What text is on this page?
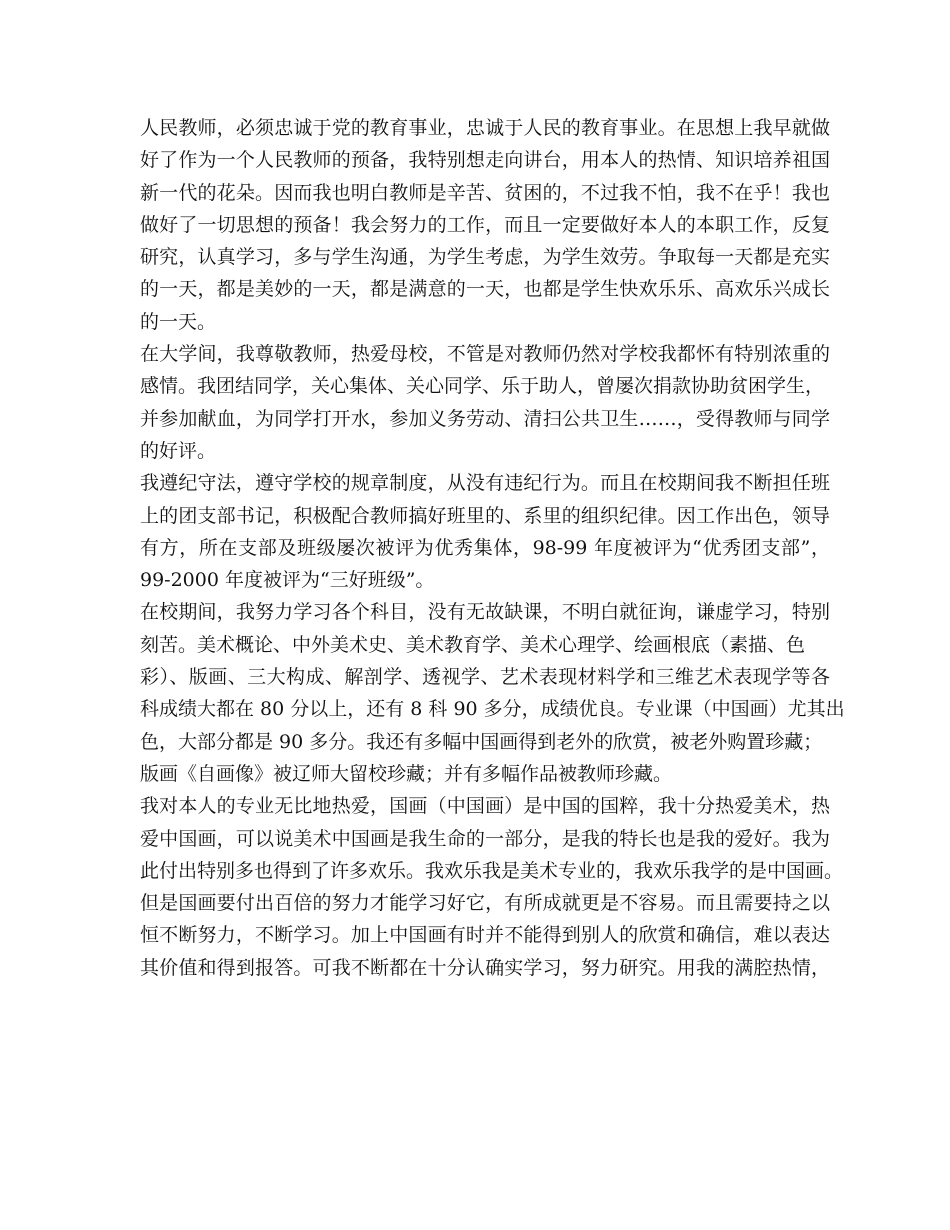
人民教师，必须忠诚于党的教育事业，忠诚于人民的教育事业。在思想上我早就做
好了作为一个人民教师的预备，我特别想走向讲台，用本人的热情、知识培养祖国
新一代的花朵。因而我也明白教师是辛苦、贫困的，不过我不怕，我不在乎！我也
做好了一切思想的预备！我会努力的工作，而且一定要做好本人的本职工作，反复
研究，认真学习，多与学生沟通，为学生考虑，为学生效劳。争取每一天都是充实
的一天，都是美妙的一天，都是满意的一天，也都是学生快欢乐乐、高欢乐兴成长
的一天。
在大学间，我尊敬教师，热爱母校，不管是对教师仍然对学校我都怀有特别浓重的
感情。我团结同学，关心集体、关心同学、乐于助人，曾屡次捐款协助贫困学生，
并参加献血，为同学打开水，参加义务劳动、清扫公共卫生……，受得教师与同学
的好评。
我遵纪守法，遵守学校的规章制度，从没有违纪行为。而且在校期间我不断担任班
上的团支部书记，积极配合教师搞好班里的、系里的组织纪律。因工作出色，领导
有方，所在支部及班级屡次被评为优秀集体，98-99 年度被评为“优秀团支部”，
99-2000 年度被评为“三好班级”。
在校期间，我努力学习各个科目，没有无故缺课，不明白就征询，谦虚学习，特别
刻苦。美术概论、中外美术史、美术教育学、美术心理学、绘画根底（素描、色
彩）、版画、三大构成、解剖学、透视学、艺术表现材料学和三维艺术表现学等各
科成绩大都在 80 分以上，还有 8 科 90 多分，成绩优良。专业课（中国画）尤其出
色，大部分都是 90 多分。我还有多幅中国画得到老外的欣赏，被老外购置珍藏；
版画《自画像》被辽师大留校珍藏；并有多幅作品被教师珍藏。
我对本人的专业无比地热爱，国画（中国画）是中国的国粹，我十分热爱美术，热
爱中国画，可以说美术中国画是我生命的一部分，是我的特长也是我的爱好。我为
此付出特别多也得到了许多欢乐。我欢乐我是美术专业的，我欢乐我学的是中国画。
但是国画要付出百倍的努力才能学习好它，有所成就更是不容易。而且需要持之以
恒不断努力，不断学习。加上中国画有时并不能得到别人的欣赏和确信，难以表达
其价值和得到报答。可我不断都在十分认确实学习，努力研究。用我的满腔热情，
